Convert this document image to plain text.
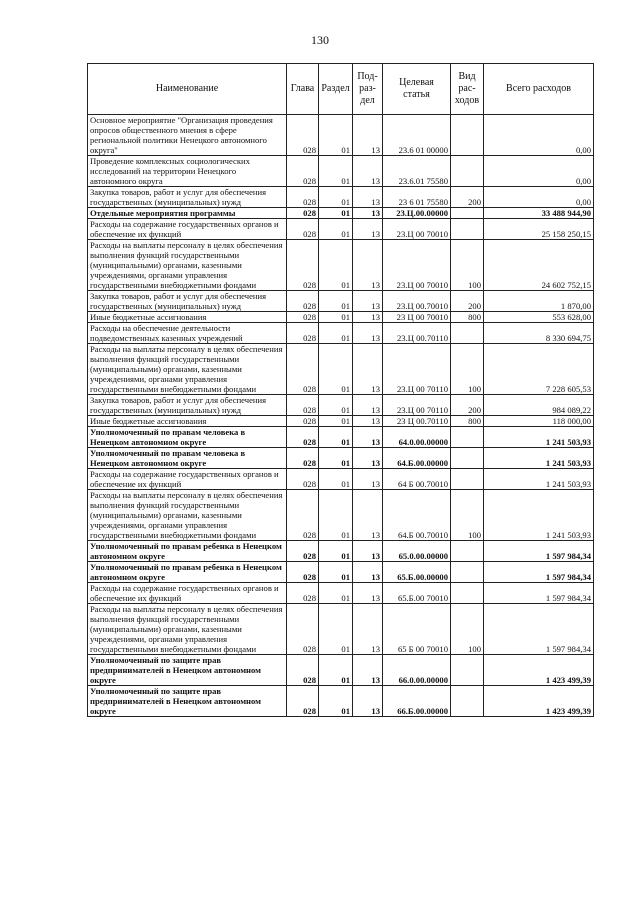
130
Наименование	Глава	Раздел	Под-раз-дел	Целевая статья	Вид рас-ходов	Всего расходов
Основное мероприятие "Организация проведения опросов общественного мнения в сфере региональной политики Ненецкого автономного округа"	028	01	13	23.6 01 00000		0,00
Проведение комплексных социологических исследований на территории Ненецкого автономного округа	028	01	13	23.6.01 75580		0,00
Закупка товаров, работ и услуг для обеспечения государственных (муниципальных) нужд	028	01	13	23 6 01 75580	200	0,00
Отдельные мероприятия программы	028	01	13	23.Ц.00.00000		33 488 944,90
Расходы на содержание государственных органов и обеспечение их функций	028	01	13	23.Ц 00 70010		25 158 250,15
Расходы на выплаты персоналу в целях обеспечения выполнения функций государственными (муниципальными) органами, казенными учреждениями, органами управления государственными внебюджетными фондами	028	01	13	23.Ц 00 70010	100	24 602 752,15
Закупка товаров, работ и услуг для обеспечения государственных (муниципальных) нужд	028	01	13	23.Ц 00.70010	200	1 870,00
Иные бюджетные ассигнования	028	01	13	23 Ц 00 70010	800	553 628,00
Расходы на обеспечение деятельности подведомственных казенных учреждений	028	01	13	23.Ц 00.70110		8 330 694,75
Расходы на выплаты персоналу в целях обеспечения выполнения функций государственными (муниципальными) органами, казенными учреждениями, органами управления государственными внебюджетными фондами	028	01	13	23.Ц 00 70110	100	7 228 605,53
Закупка товаров, работ и услуг для обеспечения государственных (муниципальных) нужд	028	01	13	23.Ц 00 70110	200	984 089,22
Иные бюджетные ассигнования	028	01	13	23 Ц 00.70110	800	118 000,00
Уполномоченный по правам человека в Ненецком автономном округе	028	01	13	64.0.00.00000		1 241 503,93
Уполномоченный по правам человека в Ненецком автономном округе	028	01	13	64.Б.00.00000		1 241 503,93
Расходы на содержание государственных органов и обеспечение их функций	028	01	13	64 Б 00.70010		1 241 503,93
Расходы на выплаты персоналу в целях обеспечения выполнения функций государственными (муниципальными) органами, казенными учреждениями, органами управления государственными внебюджетными фондами	028	01	13	64.Б 00.70010	100	1 241 503,93
Уполномоченный по правам ребенка в Ненецком автономном округе	028	01	13	65.0.00.00000		1 597 984,34
Уполномоченный по правам ребенка в Ненецком автономном округе	028	01	13	65.Б.00.00000		1 597 984,34
Расходы на содержание государственных органов и обеспечение их функций	028	01	13	65.Б.00 70010		1 597 984,34
Расходы на выплаты персоналу в целях обеспечения выполнения функций государственными (муниципальными) органами, казенными учреждениями, органами управления государственными внебюджетными фондами	028	01	13	65 Б 00 70010	100	1 597 984,34
Уполномоченный по защите прав предпринимателей в Ненецком автономном округе	028	01	13	66.0.00.00000		1 423 499,39
Уполномоченный по защите прав предпринимателей в Ненецком автономном округе	028	01	13	66.Б.00.00000		1 423 499,39
